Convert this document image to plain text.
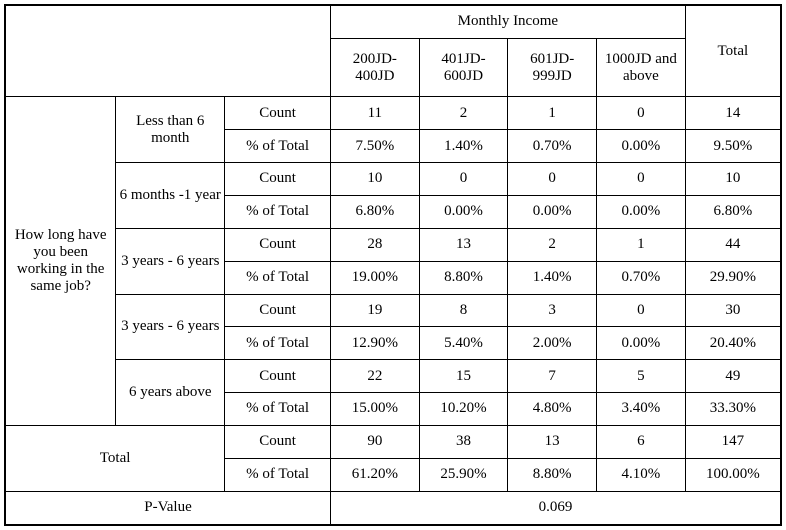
			Monthly Income				Total
			200JD-400JD	401JD-600JD	601JD-999JD	1000JD and above	
How long have you been working in the same job?	Less than 6 month	Count	11	2	1	0	14
		% of Total	7.50%	1.40%	0.70%	0.00%	9.50%
	6 months -1 year	Count	10	0	0	0	10
		% of Total	6.80%	0.00%	0.00%	0.00%	6.80%
	3 years - 6 years	Count	28	13	2	1	44
		% of Total	19.00%	8.80%	1.40%	0.70%	29.90%
	3 years - 6 years	Count	19	8	3	0	30
		% of Total	12.90%	5.40%	2.00%	0.00%	20.40%
	6 years above	Count	22	15	7	5	49
		% of Total	15.00%	10.20%	4.80%	3.40%	33.30%
Total		Count	90	38	13	6	147
		% of Total	61.20%	25.90%	8.80%	4.10%	100.00%
P-Value			0.069				
